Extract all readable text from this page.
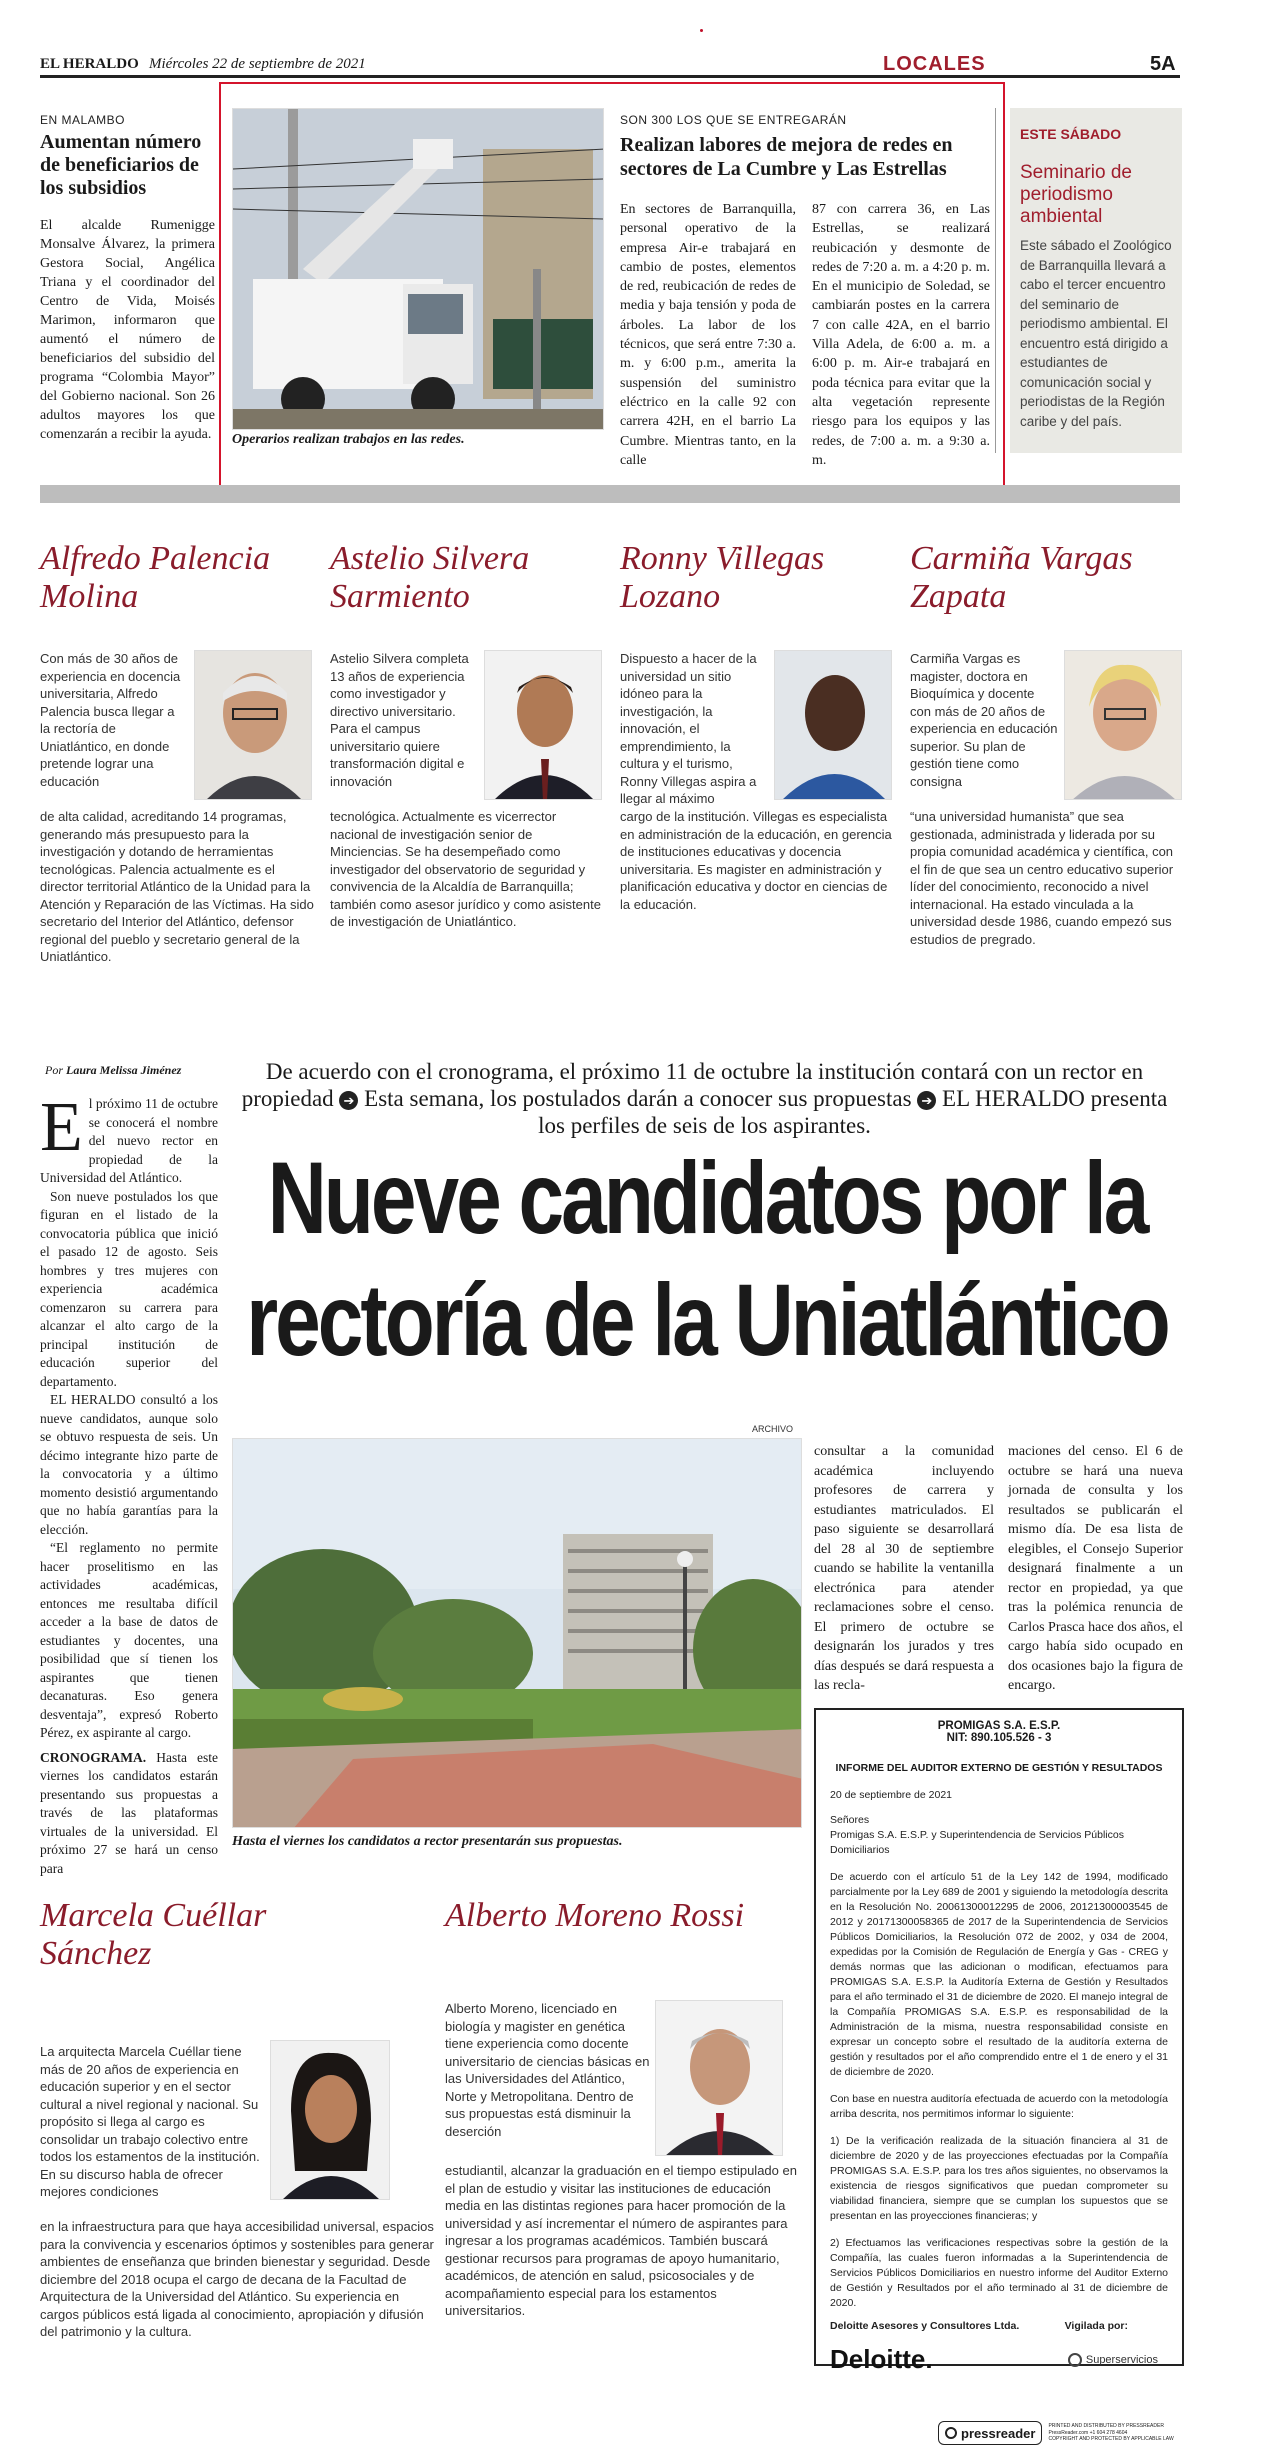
EL HERALDO Miércoles 22 de septiembre de 2021	LOCALES	5A
EN MALAMBO
Aumentan número de beneficiarios de los subsidios
El alcalde Rumenigge Monsalve Álvarez, la primera Gestora Social, Angélica Triana y el coordinador del Centro de Vida, Moisés Marimon, informaron que aumentó el número de beneficiarios del subsidio del programa “Colombia Mayor” del Gobierno nacional. Son 26 adultos mayores los que comenzarán a recibir la ayuda. Operarios realizan trabajos en las redes.
SON 300 LOS QUE SE ENTREGARÁN
Realizan labores de mejora de redes en sectores de La Cumbre y Las Estrellas
En sectores de Barranquilla, personal operativo de la empresa Air-e trabajará en cambio de postes, elementos de red, reubicación de redes de media y baja tensión y poda de árboles. La labor de los técnicos, que será entre 7:30 a. m. y 6:00 p.m., amerita la suspensión del suministro eléctrico en la calle 92 con carrera 42H, en el barrio La Cumbre. Mientras tanto, en la calle
87 con carrera 36, en Las Estrellas, se realizará reubicación y desmonte de redes de 7:20 a. m. a 4:20 p. m. En el municipio de Soledad, se cambiarán postes en la carrera 7 con calle 42A, en el barrio Villa Adela, de 6:00 a. m. a 6:00 p. m. Air-e trabajará en poda técnica para evitar que la alta vegetación represente riesgo para los equipos y las redes, de 7:00 a. m. a 9:30 a. m.
ESTE SÁBADO
Seminario de periodismo ambiental
Este sábado el Zoológico de Barranquilla llevará a cabo el tercer encuentro del seminario de periodismo ambiental. El encuentro está dirigido a estudiantes de comunicación social y periodistas de la Región caribe y del país.
Alfredo Palencia Molina
Con más de 30 años de experiencia en docencia universitaria, Alfredo Palencia busca llegar a la rectoría de Uniatlántico, en donde pretende lograr una educación
de alta calidad, acreditando 14 programas, generando más presupuesto para la investigación y dotando de herramientas tecnológicas. Palencia actualmente es el director territorial Atlántico de la Unidad para la Atención y Reparación de las Víctimas. Ha sido secretario del Interior del Atlántico, defensor regional del pueblo y secretario general de la Uniatlántico.
Astelio Silvera Sarmiento
Astelio Silvera completa 13 años de experiencia como investigador y directivo universitario. Para el campus universitario quiere transformación digital e innovación
tecnológica. Actualmente es vicerrector nacional de investigación senior de Minciencias. Se ha desempeñado como investigador del observatorio de seguridad y convivencia de la Alcaldía de Barranquilla; también como asesor jurídico y como asistente de investigación de Uniatlántico.
Ronny Villegas Lozano
Dispuesto a hacer de la universidad un sitio idóneo para la investigación, la innovación, el emprendimiento, la cultura y el turismo, Ronny Villegas aspira a llegar al máximo
cargo de la institución. Villegas es especialista en administración de la educación, en gerencia de instituciones educativas y docencia universitaria. Es magister en administración y planificación educativa y doctor en ciencias de la educación.
Carmiña Vargas Zapata
Carmiña Vargas es magister, doctora en Bioquímica y docente con más de 20 años de experiencia en educación superior. Su plan de gestión tiene como consigna
“una universidad humanista” que sea gestionada, administrada y liderada por su propia comunidad académica y científica, con el fin de que sea un centro educativo superior líder del conocimiento, reconocido a nivel internacional. Ha estado vinculada a la universidad desde 1986, cuando empezó sus estudios de pregrado.
Por Laura Melissa Jiménez	De acuerdo con el cronograma, el próximo 11 de octubre la institución contará con un rector en propiedad ➔ Esta semana, los postulados darán a conocer sus propuestas ➔ EL HERALDO presenta los perfiles de seis de los aspirantes.
Nueve candidatos por la
rectoría de la Uniatlántico
E l próximo 11 de octubre se conocerá el nombre del nuevo rector en propiedad de la Universidad del Atlántico.

Son nueve postulados los que figuran en el listado de la convocatoria pública que inició el pasado 12 de agosto. Seis hombres y tres mujeres con experiencia académica comenzaron su carrera para alcanzar el alto cargo de la principal institución de educación superior del departamento.

EL HERALDO consultó a los nueve candidatos, aunque solo se obtuvo respuesta de seis. Un décimo integrante hizo parte de la convocatoria y a último momento desistió argumentando que no había garantías para la elección.

“El reglamento no permite hacer proselitismo en las actividades académicas, entonces me resultaba difícil acceder a la base de datos de estudiantes y docentes, una posibilidad que sí tienen los aspirantes que tienen decanaturas. Eso genera desventaja”, expresó Roberto Pérez, ex aspirante al cargo.

CRONOGRAMA. Hasta este viernes los candidatos estarán presentando sus propuestas a través de las plataformas virtuales de la universidad. El próximo 27 se hará un censo para

ARCHIVO
Hasta el viernes los candidatos a rector presentarán sus propuestas.
consultar a la comunidad académica incluyendo profesores de carrera y estudiantes matriculados. El paso siguiente se desarrollará del 28 al 30 de septiembre cuando se habilite la ventanilla electrónica para atender reclamaciones sobre el censo. El primero de octubre se designarán los jurados y tres días después se dará respuesta a las recla-
maciones del censo. El 6 de octubre se hará una nueva jornada de consulta y los resultados se publicarán el mismo día. De esa lista de elegibles, el Consejo Superior designará finalmente a un rector en propiedad, ya que tras la polémica renuncia de Carlos Prasca hace dos años, el cargo había sido ocupado en dos ocasiones bajo la figura de encargo.
PROMIGAS S.A. E.S.P.
NIT: 890.105.526 - 3
INFORME DEL AUDITOR EXTERNO DE GESTIÓN Y RESULTADOS
20 de septiembre de 2021
Señores
Promigas S.A. E.S.P. y Superintendencia de Servicios Públicos Domiciliarios
De acuerdo con el artículo 51 de la Ley 142 de 1994, modificado parcialmente por la Ley 689 de 2001 y siguiendo la metodología descrita en la Resolución No. 20061300012295 de 2006, 20121300003545 de 2012 y 20171300058365 de 2017 de la Superintendencia de Servicios Públicos Domiciliarios, la Resolución 072 de 2002, y 034 de 2004, expedidas por la Comisión de Regulación de Energía y Gas - CREG y demás normas que las adicionan o modifican, efectuamos para PROMIGAS S.A. E.S.P. la Auditoría Externa de Gestión y Resultados para el año terminado el 31 de diciembre de 2020. El manejo integral de la Compañía PROMIGAS S.A. E.S.P. es responsabilidad de la Administración de la misma, nuestra responsabilidad consiste en expresar un concepto sobre el resultado de la auditoría externa de gestión y resultados por el año comprendido entre el 1 de enero y el 31 de diciembre de 2020.
Con base en nuestra auditoría efectuada de acuerdo con la metodología arriba descrita, nos permitimos informar lo siguiente:
1) De la verificación realizada de la situación financiera al 31 de diciembre de 2020 y de las proyecciones efectuadas por la Compañía PROMIGAS S.A. E.S.P. para los tres años siguientes, no observamos la existencia de riesgos significativos que puedan comprometer su viabilidad financiera, siempre que se cumplan los supuestos que se presentan en las proyecciones financieras; y
2) Efectuamos las verificaciones respectivas sobre la gestión de la Compañía, las cuales fueron informadas a la Superintendencia de Servicios Públicos Domiciliarios en nuestro informe del Auditor Externo de Gestión y Resultados por el año terminado al 31 de diciembre de 2020.
Deloitte Asesores y Consultores Ltda.	Vigilada por:
Deloitte.	Superservicios
Marcela Cuéllar Sánchez
La arquitecta Marcela Cuéllar tiene más de 20 años de experiencia en educación superior y en el sector cultural a nivel regional y nacional. Su propósito si llega al cargo es consolidar un trabajo colectivo entre todos los estamentos de la institución. En su discurso habla de ofrecer mejores condiciones
en la infraestructura para que haya accesibilidad universal, espacios para la convivencia y escenarios óptimos y sostenibles para generar ambientes de enseñanza que brinden bienestar y seguridad. Desde diciembre del 2018 ocupa el cargo de decana de la Facultad de Arquitectura de la Universidad del Atlántico. Su experiencia en cargos públicos está ligada al conocimiento, apropiación y difusión del patrimonio y la cultura.
Alberto Moreno Rossi
Alberto Moreno, licenciado en biología y magister en genética tiene experiencia como docente universitario de ciencias básicas en las Universidades del Atlántico, Norte y Metropolitana. Dentro de sus propuestas está disminuir la deserción
estudiantil, alcanzar la graduación en el tiempo estipulado en el plan de estudio y visitar las instituciones de educación media en las distintas regiones para hacer promoción de la universidad y así incrementar el número de aspirantes para ingresar a los programas académicos. También buscará gestionar recursos para programas de apoyo humanitario, académicos, de atención en salud, psicosociales y de acompañamiento especial para los estamentos universitarios.
pressreader	PRINTED AND DISTRIBUTED BY PRESSREADER
PressReader.com +1 604 278 4604
COPYRIGHT AND PROTECTED BY APPLICABLE LAW
